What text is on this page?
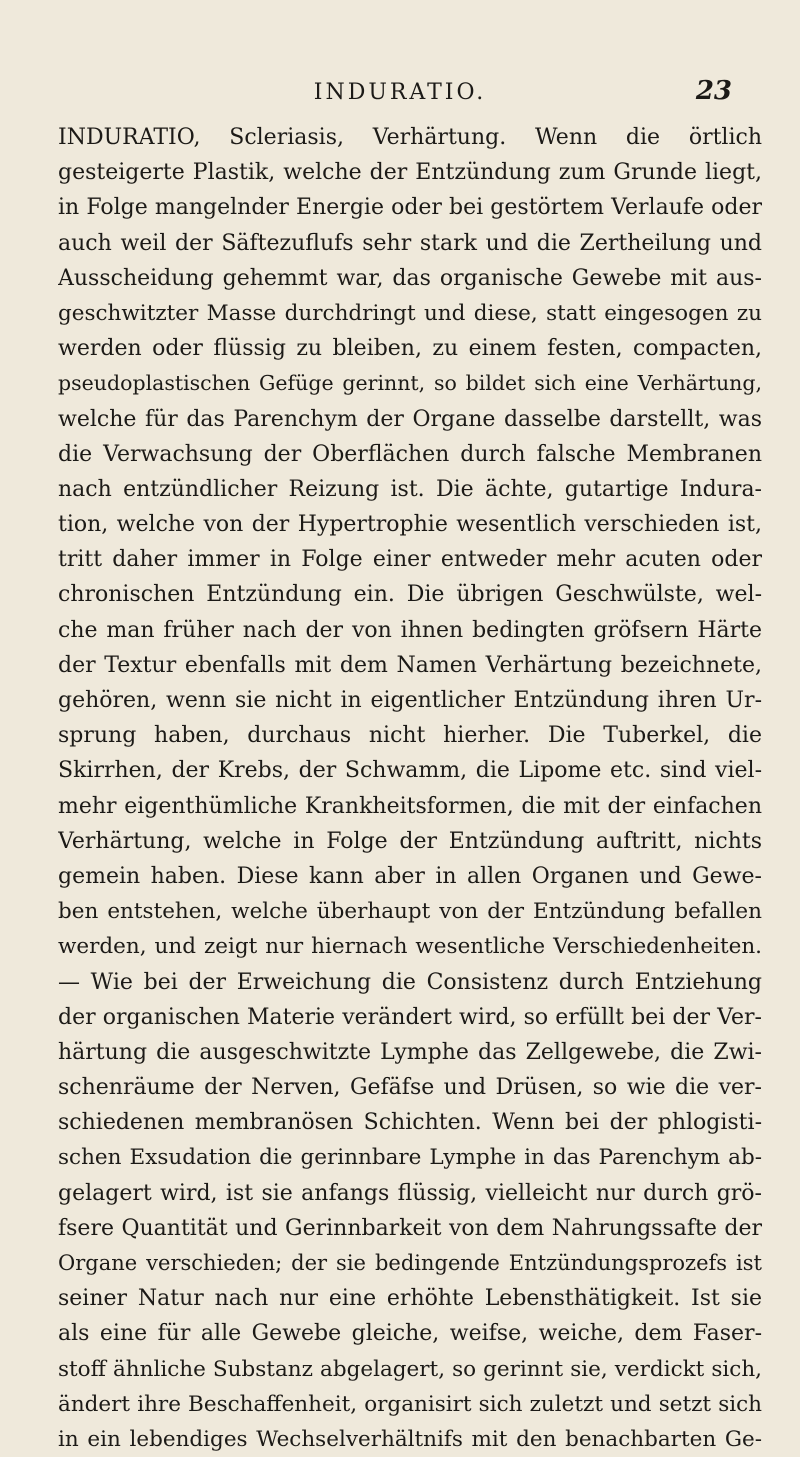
INDURATIO.	23
INDURATIO, Scleriasis, Verhärtung. Wenn die örtlich
gesteigerte Plastik, welche der Entzündung zum Grunde liegt,
in Folge mangelnder Energie oder bei gestörtem Verlaufe oder
auch weil der Säftezuflufs sehr stark und die Zertheilung und
Ausscheidung gehemmt war, das organische Gewebe mit aus-
geschwitzter Masse durchdringt und diese, statt eingesogen zu
werden oder flüssig zu bleiben, zu einem festen, compacten,
pseudoplastischen Gefüge gerinnt, so bildet sich eine Verhärtung,
welche für das Parenchym der Organe dasselbe darstellt, was
die Verwachsung der Oberflächen durch falsche Membranen
nach entzündlicher Reizung ist. Die ächte, gutartige Indura-
tion, welche von der Hypertrophie wesentlich verschieden ist,
tritt daher immer in Folge einer entweder mehr acuten oder
chronischen Entzündung ein. Die übrigen Geschwülste, wel-
che man früher nach der von ihnen bedingten gröfsern Härte
der Textur ebenfalls mit dem Namen Verhärtung bezeichnete,
gehören, wenn sie nicht in eigentlicher Entzündung ihren Ur-
sprung haben, durchaus nicht hierher. Die Tuberkel, die
Skirrhen, der Krebs, der Schwamm, die Lipome etc. sind viel-
mehr eigenthümliche Krankheitsformen, die mit der einfachen
Verhärtung, welche in Folge der Entzündung auftritt, nichts
gemein haben. Diese kann aber in allen Organen und Gewe-
ben entstehen, welche überhaupt von der Entzündung befallen
werden, und zeigt nur hiernach wesentliche Verschiedenheiten.
— Wie bei der Erweichung die Consistenz durch Entziehung
der organischen Materie verändert wird, so erfüllt bei der Ver-
härtung die ausgeschwitzte Lymphe das Zellgewebe, die Zwi-
schenräume der Nerven, Gefäfse und Drüsen, so wie die ver-
schiedenen membranösen Schichten. Wenn bei der phlogisti-
schen Exsudation die gerinnbare Lymphe in das Parenchym ab-
gelagert wird, ist sie anfangs flüssig, vielleicht nur durch grö-
fsere Quantität und Gerinnbarkeit von dem Nahrungssafte der
Organe verschieden; der sie bedingende Entzündungsprozefs ist
seiner Natur nach nur eine erhöhte Lebensthätigkeit. Ist sie
als eine für alle Gewebe gleiche, weifse, weiche, dem Faser-
stoff ähnliche Substanz abgelagert, so gerinnt sie, verdickt sich,
ändert ihre Beschaffenheit, organisirt sich zuletzt und setzt sich
in ein lebendiges Wechselverhältnifs mit den benachbarten Ge-
